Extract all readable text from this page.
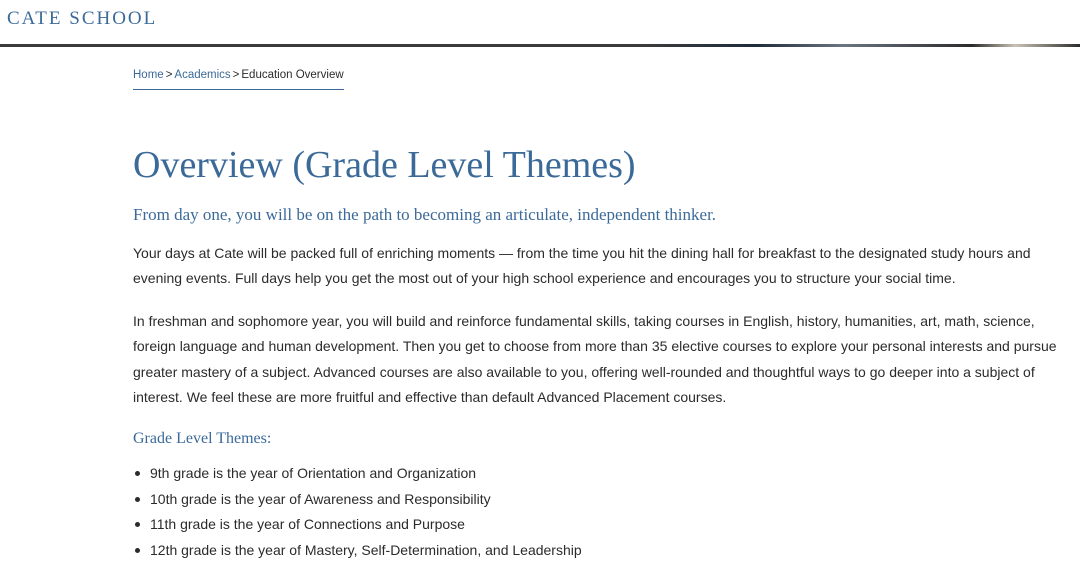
CATE SCHOOL
Home > Academics > Education Overview
Overview (Grade Level Themes)

From day one, you will be on the path to becoming an articulate, independent thinker.

Your days at Cate will be packed full of enriching moments — from the time you hit the dining hall for breakfast to the designated study hours and evening events. Full days help you get the most out of your high school experience and encourages you to structure your social time.

In freshman and sophomore year, you will build and reinforce fundamental skills, taking courses in English, history, humanities, art, math, science, foreign language and human development. Then you get to choose from more than 35 elective courses to explore your personal interests and pursue greater mastery of a subject. Advanced courses are also available to you, offering well-rounded and thoughtful ways to go deeper into a subject of interest. We feel these are more fruitful and effective than default Advanced Placement courses.

Grade Level Themes:
9th grade is the year of Orientation and Organization
10th grade is the year of Awareness and Responsibility
11th grade is the year of Connections and Purpose
12th grade is the year of Mastery, Self-Determination, and Leadership
